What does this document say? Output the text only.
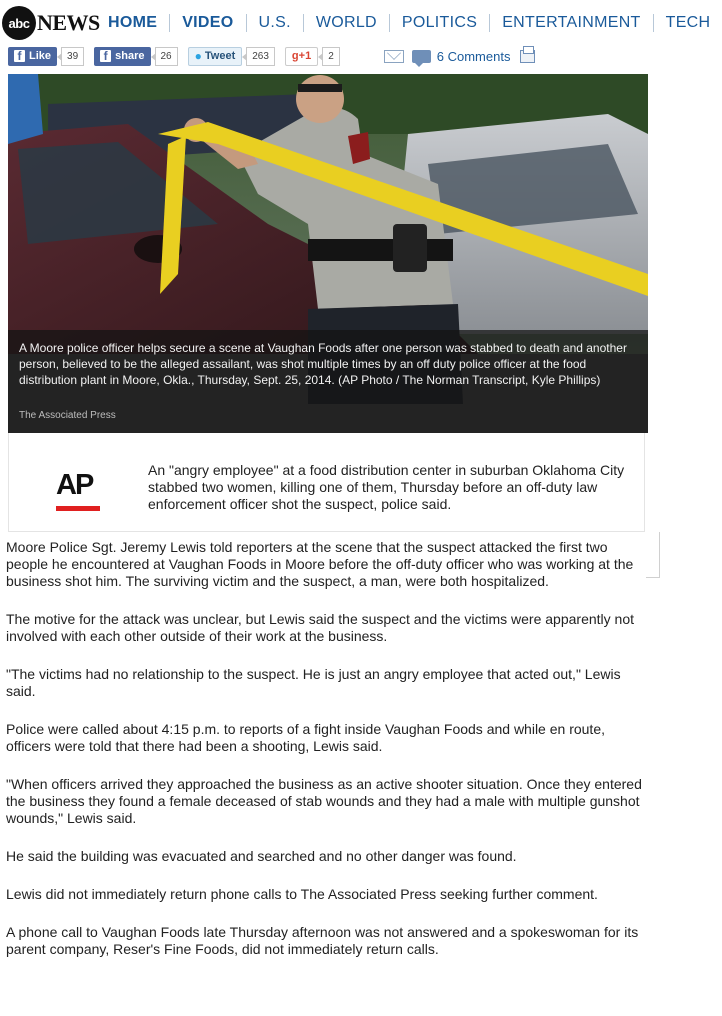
abc NEWS HOME	VIDEO	U.S.	WORLD	POLITICS	ENTERTAINMENT	TECH
f Like	39	f share	26	● Tweet	263	g +1	2	6 Comments
A Moore police officer helps secure a scene at Vaughan Foods after one person was stabbed to death and another person, believed to be the alleged assailant, was shot multiple times by an off duty police officer at the food distribution plant in Moore, Okla., Thursday, Sept. 25, 2014. (AP Photo / The Norman Transcript, Kyle Phillips)
The Associated Press
AP	An "angry employee" at a food distribution center in suburban Oklahoma City stabbed two women, killing one of them, Thursday before an off-duty law enforcement officer shot the suspect, police said.

Moore Police Sgt. Jeremy Lewis told reporters at the scene that the suspect attacked the first two people he encountered at Vaughan Foods in Moore before the off-duty officer who was working at the business shot him. The surviving victim and the suspect, a man, were both hospitalized.

The motive for the attack was unclear, but Lewis said the suspect and the victims were apparently not involved with each other outside of their work at the business.

"The victims had no relationship to the suspect. He is just an angry employee that acted out," Lewis said.

Police were called about 4:15 p.m. to reports of a fight inside Vaughan Foods and while en route, officers were told that there had been a shooting, Lewis said.

"When officers arrived they approached the business as an active shooter situation. Once they entered the business they found a female deceased of stab wounds and they had a male with multiple gunshot wounds," Lewis said.

He said the building was evacuated and searched and no other danger was found.

Lewis did not immediately return phone calls to The Associated Press seeking further comment.

A phone call to Vaughan Foods late Thursday afternoon was not answered and a spokeswoman for its parent company, Reser's Fine Foods, did not immediately return calls.
